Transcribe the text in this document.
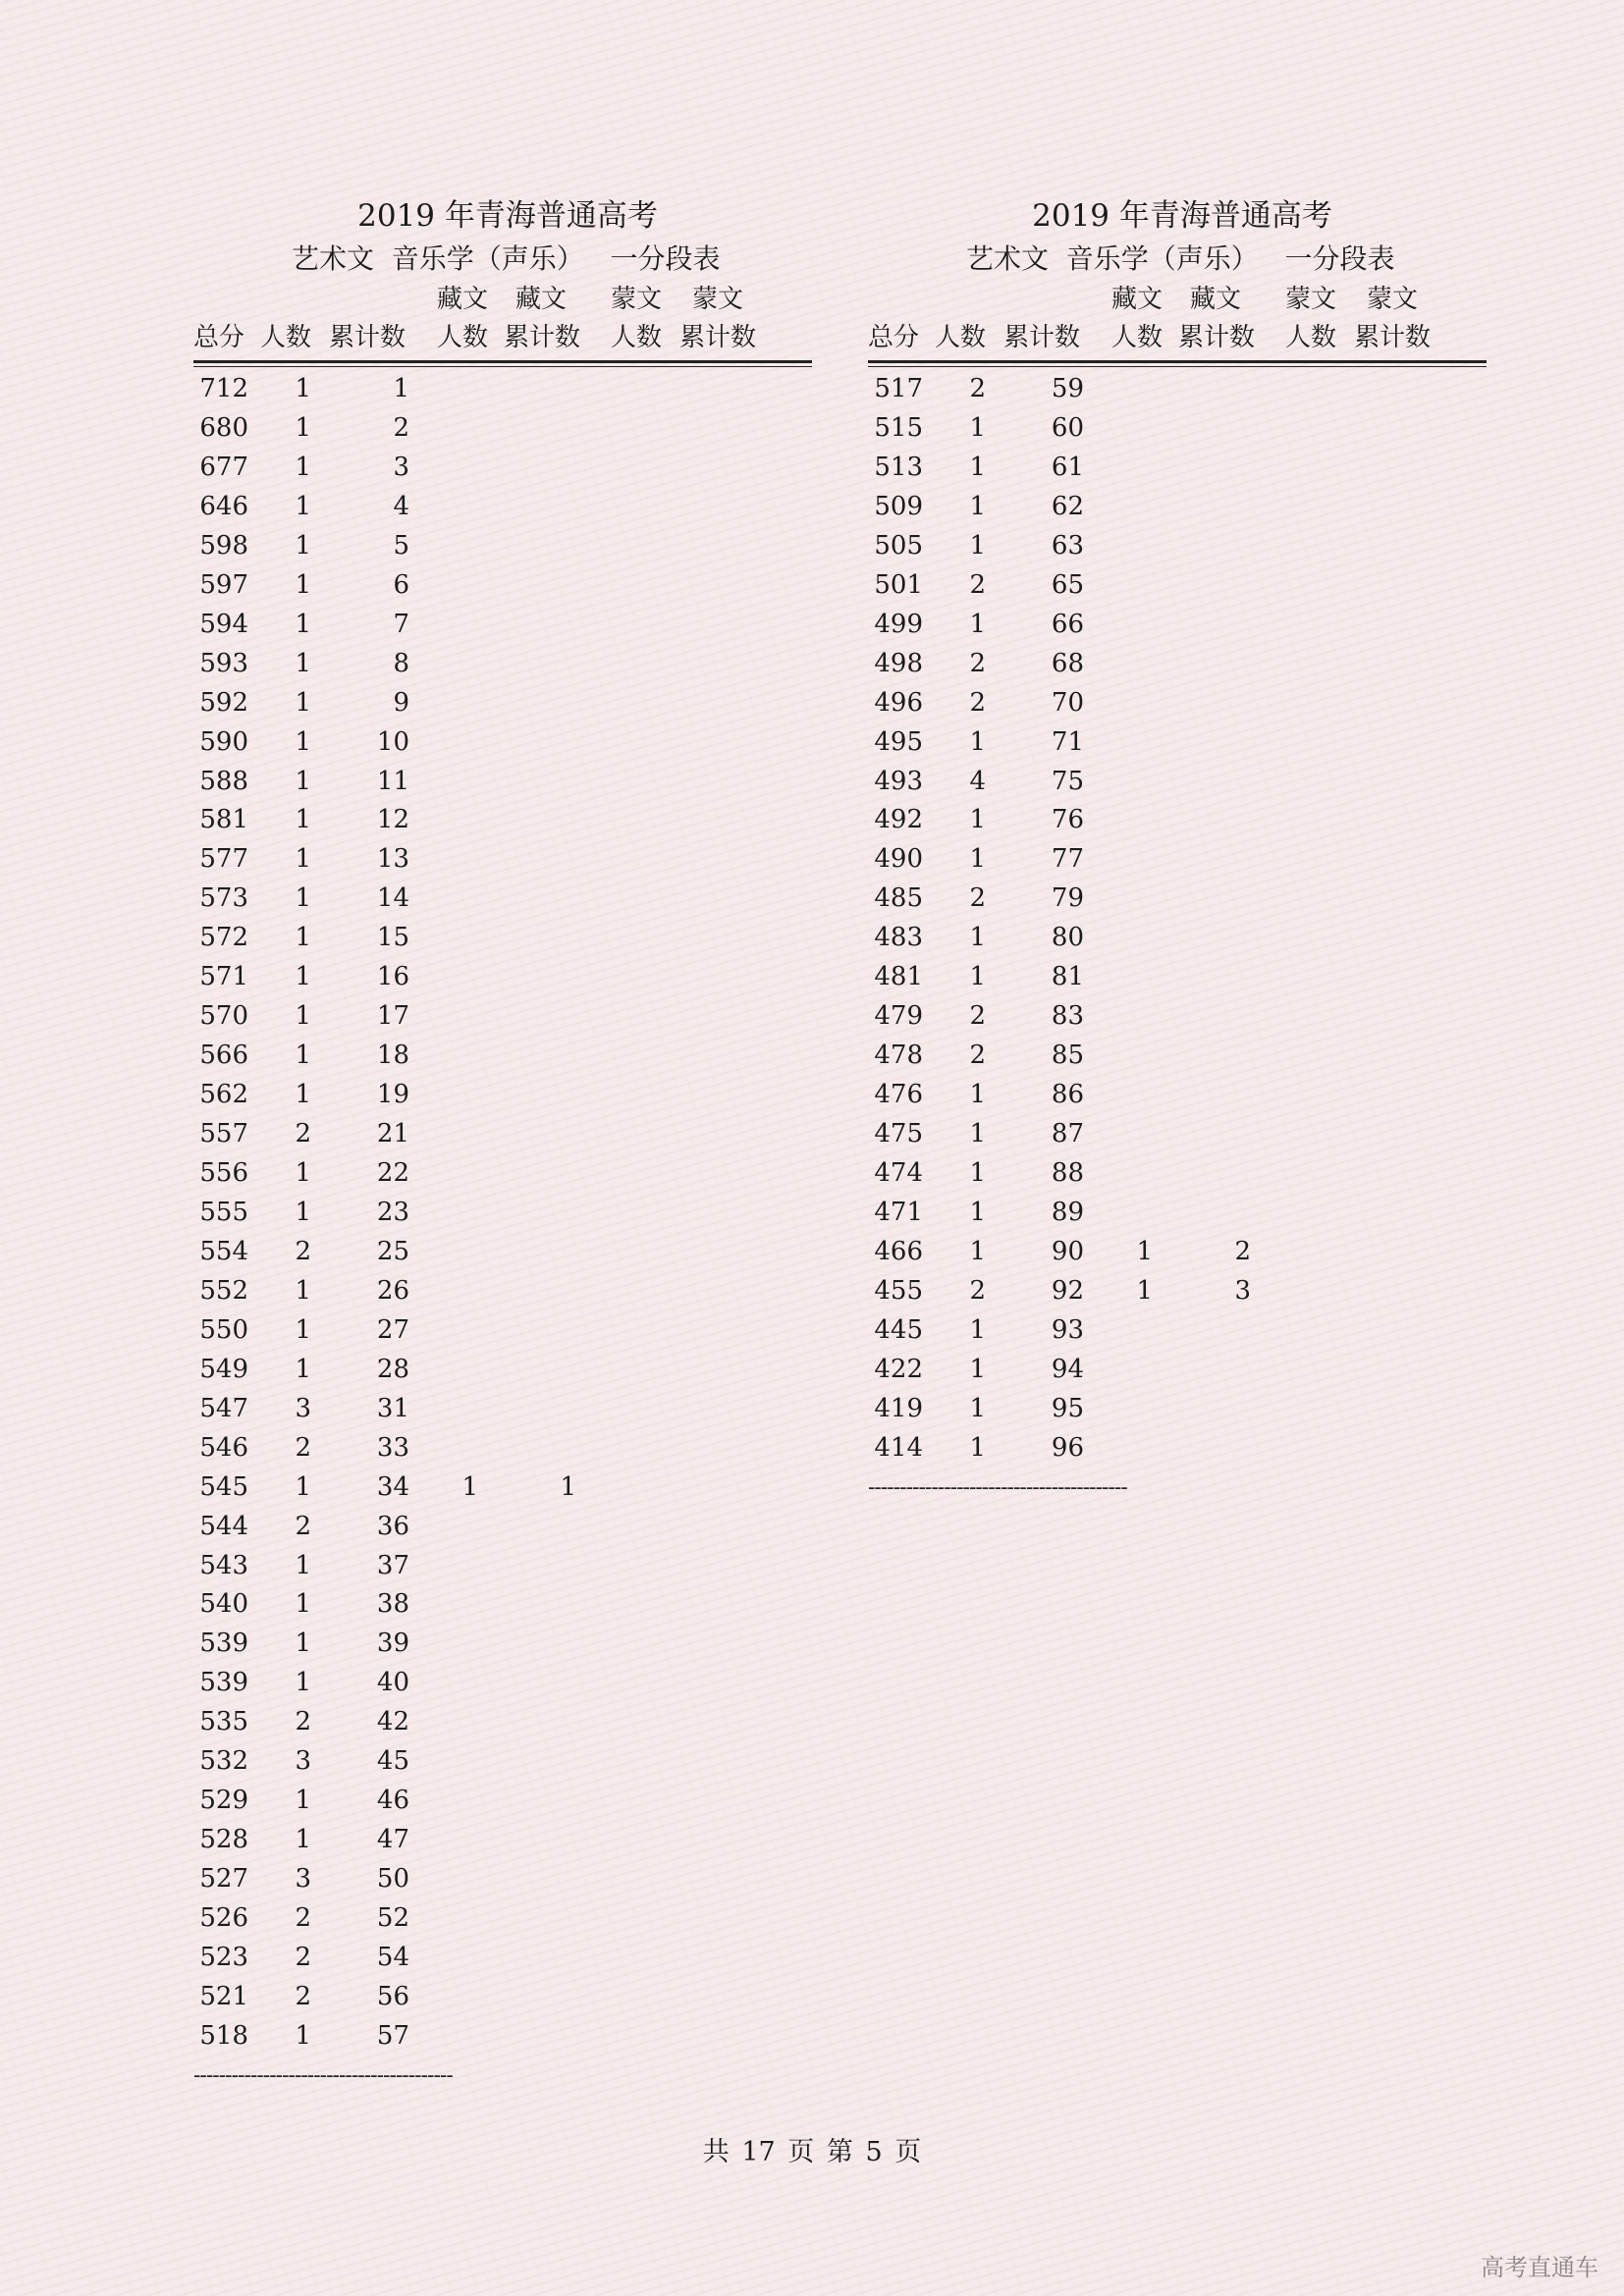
2019 年青海普通高考
艺术文  音乐学（声乐）   一分段表
藏文 藏文 蒙文 蒙文
总分 人数 累计数 人数 累计数 人数 累计数
712	1	1
680	1	2
677	1	3
646	1	4
598	1	5
597	1	6
594	1	7
593	1	8
592	1	9
590	1	10
588	1	11
581	1	12
577	1	13
573	1	14
572	1	15
571	1	16
570	1	17
566	1	18
562	1	19
557	2	21
556	1	22
555	1	23
554	2	25
552	1	26
550	1	27
549	1	28
547	3	31
546	2	33
545	1	34	1	1
544	2	36
543	1	37
540	1	38
539	1	39
539	1	40
535	2	42
532	3	45
529	1	46
528	1	47
527	3	50
526	2	52
523	2	54
521	2	56
518	1	57
-----------------------------------------
2019 年青海普通高考
艺术文  音乐学（声乐）   一分段表
藏文 藏文 蒙文 蒙文
总分 人数 累计数 人数 累计数 人数 累计数
517	2	59
515	1	60
513	1	61
509	1	62
505	1	63
501	2	65
499	1	66
498	2	68
496	2	70
495	1	71
493	4	75
492	1	76
490	1	77
485	2	79
483	1	80
481	1	81
479	2	83
478	2	85
476	1	86
475	1	87
474	1	88
471	1	89
466	1	90	1	2
455	2	92	1	3
445	1	93
422	1	94
419	1	95
414	1	96
-----------------------------------------
共 17 页 第 5 页
高考直通车
